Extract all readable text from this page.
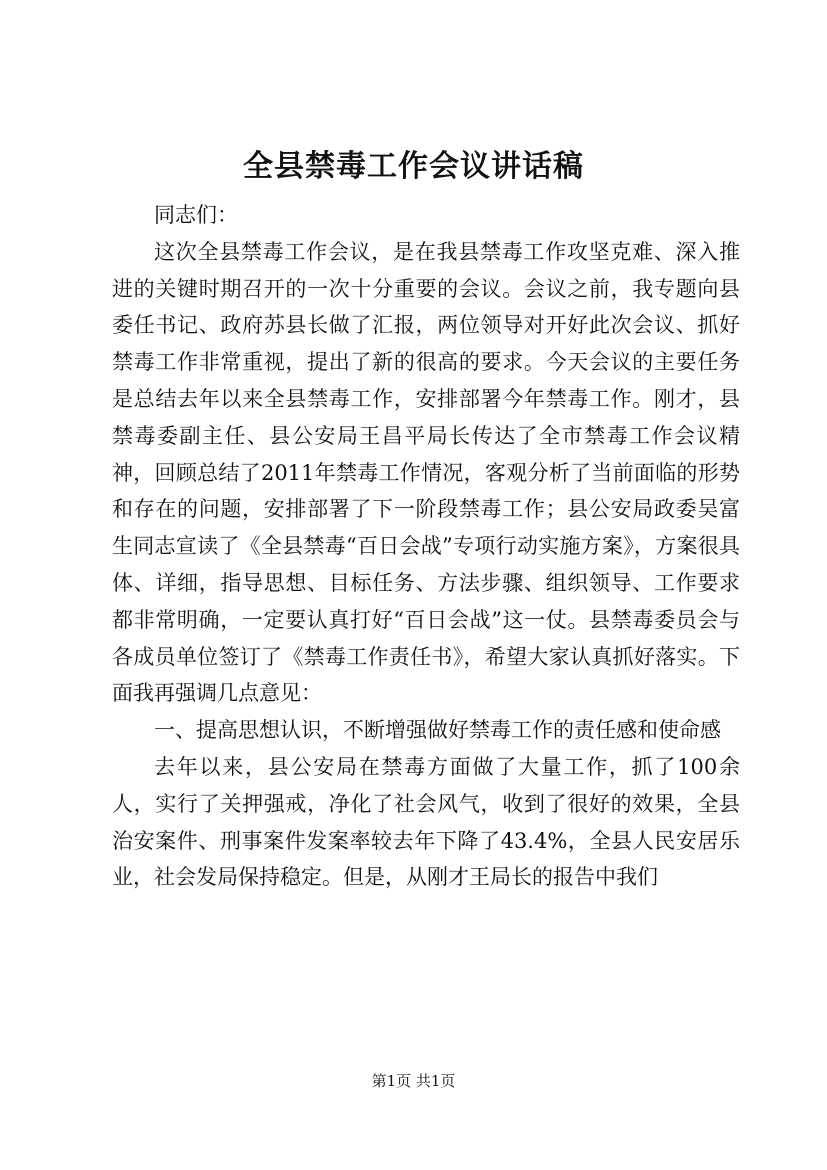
全县禁毒工作会议讲话稿

同志们：

这次全县禁毒工作会议，是在我县禁毒工作攻坚克难、深入推进的关键时期召开的一次十分重要的会议。会议之前，我专题向县委任书记、政府苏县长做了汇报，两位领导对开好此次会议、抓好禁毒工作非常重视，提出了新的很高的要求。今天会议的主要任务是总结去年以来全县禁毒工作，安排部署今年禁毒工作。刚才，县禁毒委副主任、县公安局王昌平局长传达了全市禁毒工作会议精神，回顾总结了2011年禁毒工作情况，客观分析了当前面临的形势和存在的问题，安排部署了下一阶段禁毒工作；县公安局政委吴富生同志宣读了《全县禁毒“百日会战”专项行动实施方案》，方案很具体、详细，指导思想、目标任务、方法步骤、组织领导、工作要求都非常明确，一定要认真打好“百日会战”这一仗。县禁毒委员会与各成员单位签订了《禁毒工作责任书》，希望大家认真抓好落实。下面我再强调几点意见：

一、提高思想认识，不断增强做好禁毒工作的责任感和使命感

去年以来，县公安局在禁毒方面做了大量工作，抓了100余人，实行了关押强戒，净化了社会风气，收到了很好的效果，全县治安案件、刑事案件发案率较去年下降了43.4%，全县人民安居乐业，社会发局保持稳定。但是，从刚才王局长的报告中我们

第1页 共1页
